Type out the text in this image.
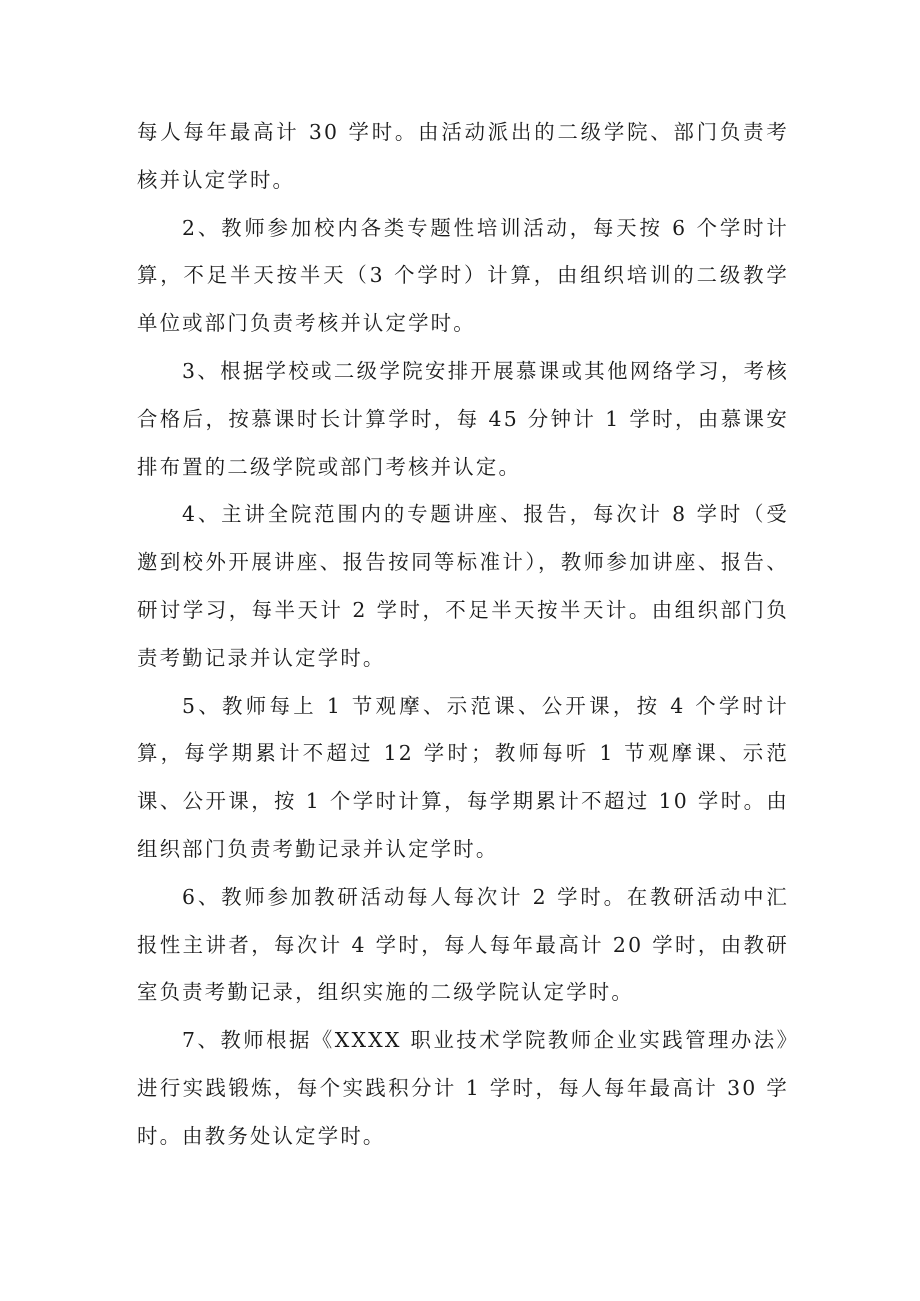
每人每年最高计 30 学时。由活动派出的二级学院、部门负责考核并认定学时。

2、教师参加校内各类专题性培训活动，每天按 6 个学时计算，不足半天按半天（3 个学时）计算，由组织培训的二级教学单位或部门负责考核并认定学时。

3、根据学校或二级学院安排开展慕课或其他网络学习，考核合格后，按慕课时长计算学时，每 45 分钟计 1 学时，由慕课安排布置的二级学院或部门考核并认定。

4、主讲全院范围内的专题讲座、报告，每次计 8 学时（受邀到校外开展讲座、报告按同等标准计），教师参加讲座、报告、研讨学习，每半天计 2 学时，不足半天按半天计。由组织部门负责考勤记录并认定学时。

5、教师每上 1 节观摩、示范课、公开课，按 4 个学时计算，每学期累计不超过 12 学时；教师每听 1 节观摩课、示范课、公开课，按 1 个学时计算，每学期累计不超过 10 学时。由组织部门负责考勤记录并认定学时。

6、教师参加教研活动每人每次计 2 学时。在教研活动中汇报性主讲者，每次计 4 学时，每人每年最高计 20 学时，由教研室负责考勤记录，组织实施的二级学院认定学时。

7、教师根据《XXXX 职业技术学院教师企业实践管理办法》进行实践锻炼，每个实践积分计 1 学时，每人每年最高计 30 学时。由教务处认定学时。
